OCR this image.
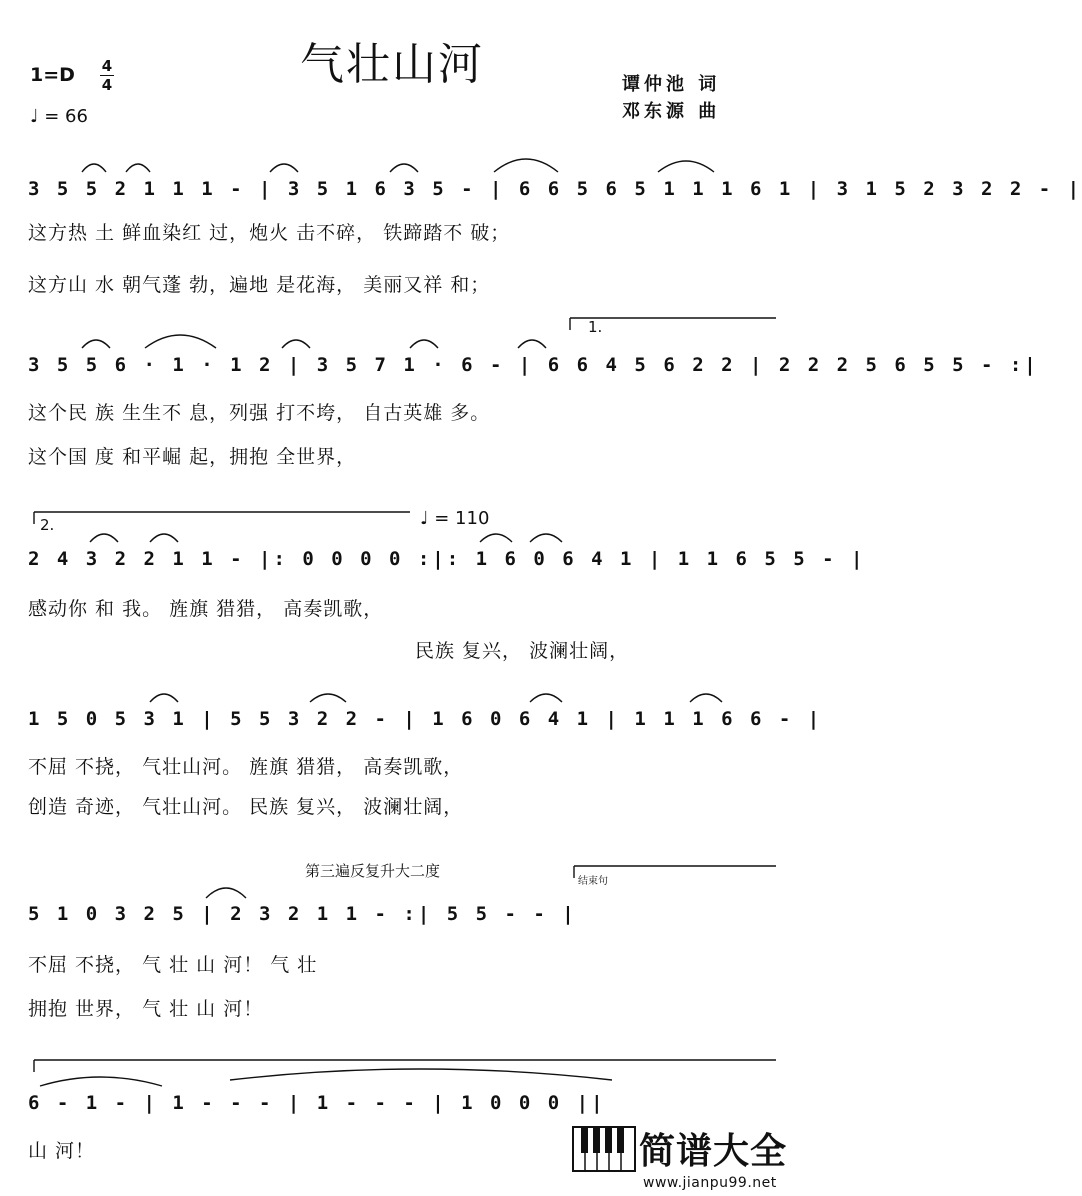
气壮山河
1=D 4
4
♩ = 66
谭仲池 词
邓东源 曲
3 5 5 2 1 1 1 - | 3 5 1 6 3 5 - | 6 6 5 6 5 1 1 1 6 1 | 3 1 5 2 3 2 2 - |
这方热 土 鲜血染红 过，炮火 击不碎， 铁蹄踏不 破；
这方山 水 朝气蓬 勃，遍地 是花海， 美丽又祥 和；
1.
3 5 5 6 · 1 · 1 2 | 3 5 7 1 · 6 - | 6 6 4 5 6 2 2 | 2 2 2 5 6 5 5 - :|
这个民 族 生生不 息，列强 打不垮， 自古英雄 多。
这个国 度 和平崛 起，拥抱 全世界，
2.	♩ = 110
2 4 3 2 2 1 1 - |: 0 0 0 0 :|: 1 6 0 6 4 1 | 1 1 6 5 5 - |
感动你 和 我。 旌旗 猎猎， 高奏凯歌，
民族 复兴， 波澜壮阔，
1 5 0 5 3 1 | 5 5 3 2 2 - | 1 6 0 6 4 1 | 1 1 1 6 6 - |
不屈 不挠， 气壮山河。 旌旗 猎猎， 高奏凯歌，
创造 奇迹， 气壮山河。 民族 复兴， 波澜壮阔，
第三遍反复升大二度
结束句
5 1 0 3 2 5 | 2 3 2 1 1 - :| 5 5 - - |
不屈 不挠， 气 壮 山 河！ 气 壮
拥抱 世界， 气 壮 山 河！
6 - 1 - | 1 - - - | 1 - - - | 1 0 0 0 ||
山 河！	简谱大全
www.jianpu99.net
